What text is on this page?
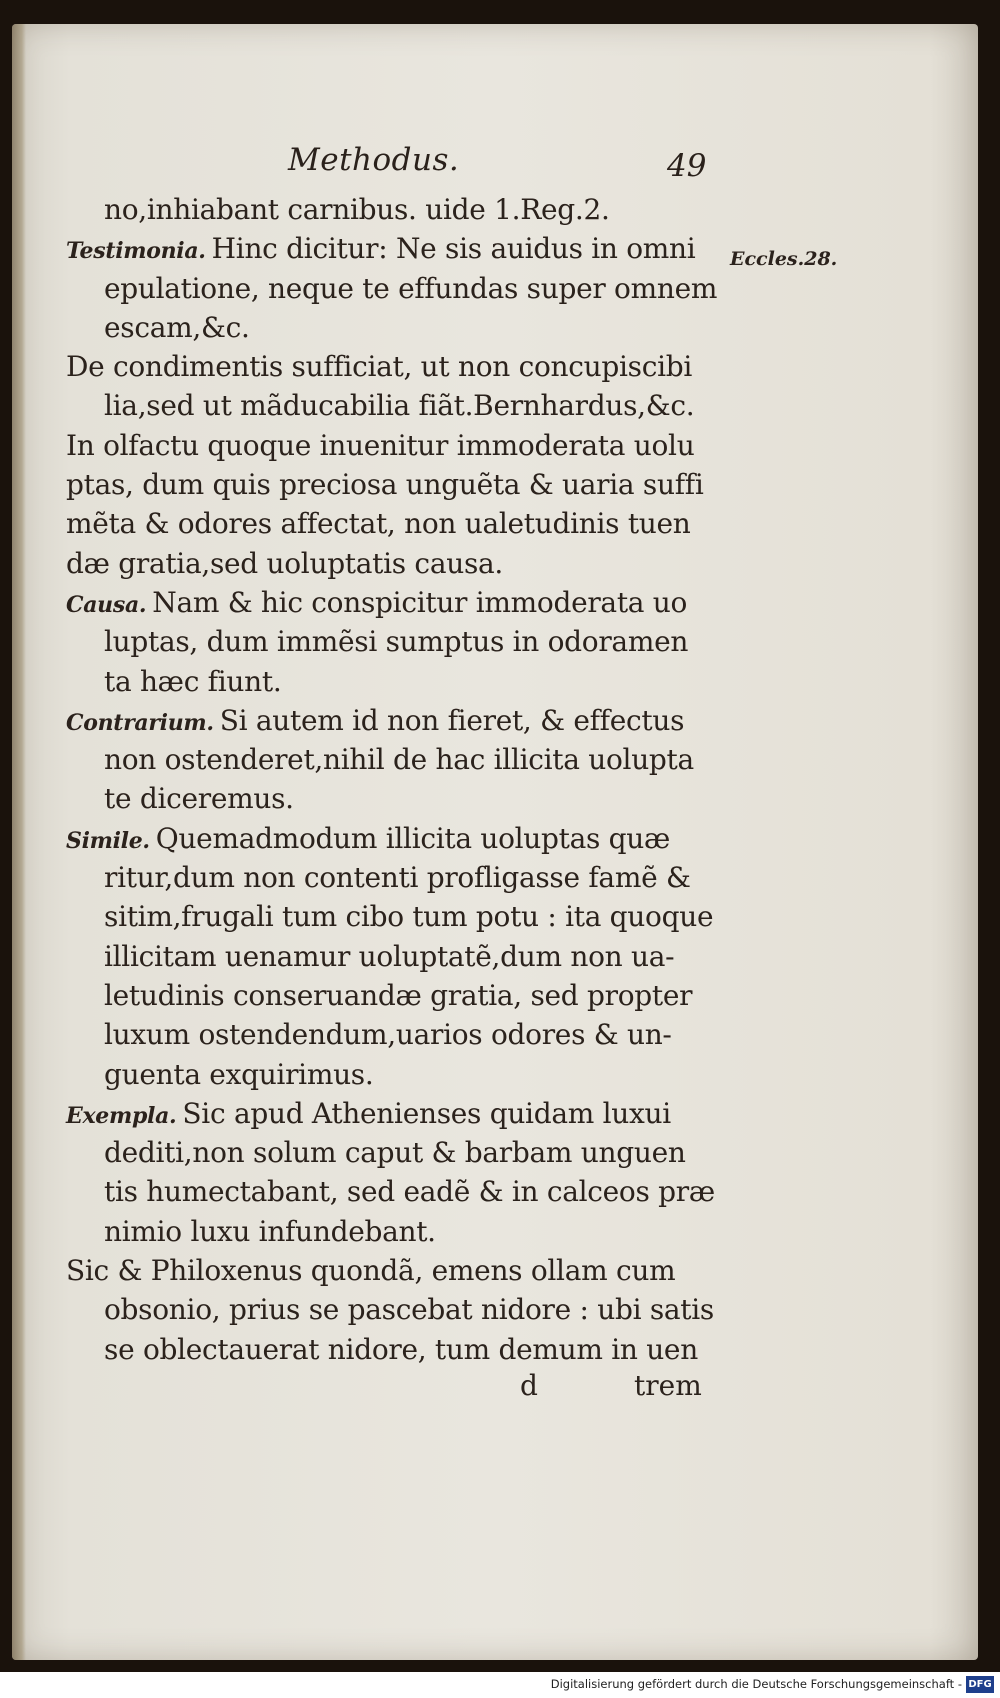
Methodus.	49
Eccles.28.
no,inhiabant carnibus. uide 1.Reg.2.
Testimonia. Hinc dicitur: Ne sis auidus in omni
epulatione, neque te effundas super omnem
escam,&c.
De condimentis sufficiat, ut non concupiscibi
lia,sed ut mãducabilia fiãt.Bernhardus,&c.
In olfactu quoque inuenitur immoderata uolu
ptas, dum quis preciosa unguẽta & uaria suffi
mẽta & odores affectat, non ualetudinis tuen
dæ gratia,sed uoluptatis causa.
Causa. Nam & hic conspicitur immoderata uo
luptas, dum immẽsi sumptus in odoramen
ta hæc fiunt.
Contrarium. Si autem id non fieret, & effectus
non ostenderet,nihil de hac illicita uolupta
te diceremus.
Simile. Quemadmodum illicita uoluptas quæ
ritur,dum non contenti profligasse famẽ &
sitim,frugali tum cibo tum potu : ita quoque
illicitam uenamur uoluptatẽ,dum non ua-
letudinis conseruandæ gratia, sed propter
luxum ostendendum,uarios odores & un-
guenta exquirimus.
Exempla. Sic apud Athenienses quidam luxui
dediti,non solum caput & barbam unguen
tis humectabant, sed eadẽ & in calceos præ
nimio luxu infundebant.
Sic & Philoxenus quondã, emens ollam cum
obsonio, prius se pascebat nidore : ubi satis
se oblectauerat nidore, tum demum in uen
d	trem
Digitalisierung gefördert durch die Deutsche Forschungsgemeinschaft - DFG
